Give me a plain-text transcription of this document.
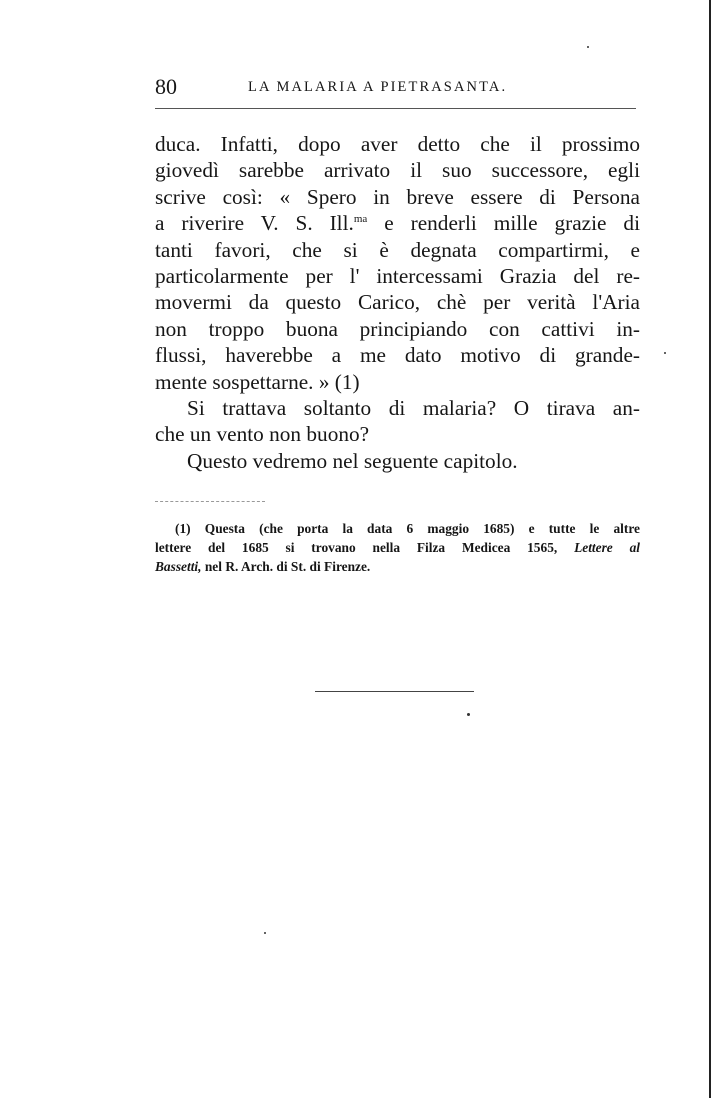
80	LA MALARIA A PIETRASANTA.
duca. Infatti, dopo aver detto che il prossimo
giovedì sarebbe arrivato il suo successore, egli
scrive così: « Spero in breve essere di Persona
a riverire V. S. Ill.$^{ma}$ e renderli mille grazie di
tanti favori, che si è degnata compartirmi, e
particolarmente per l' intercessami Grazia del re-
movermi da questo Carico, chè per verità l'Aria
non troppo buona principiando con cattivi in-
flussi, haverebbe a me dato motivo di grande-
mente sospettarne. » (1)
Si trattava soltanto di malaria? O tirava an-
che un vento non buono?
Questo vedremo nel seguente capitolo.
(1) Questa (che porta la data 6 maggio 1685) e tutte le altre
lettere del 1685 si trovano nella Filza Medicea 1565, Lettere al
Bassetti, nel R. Arch. di St. di Firenze.
